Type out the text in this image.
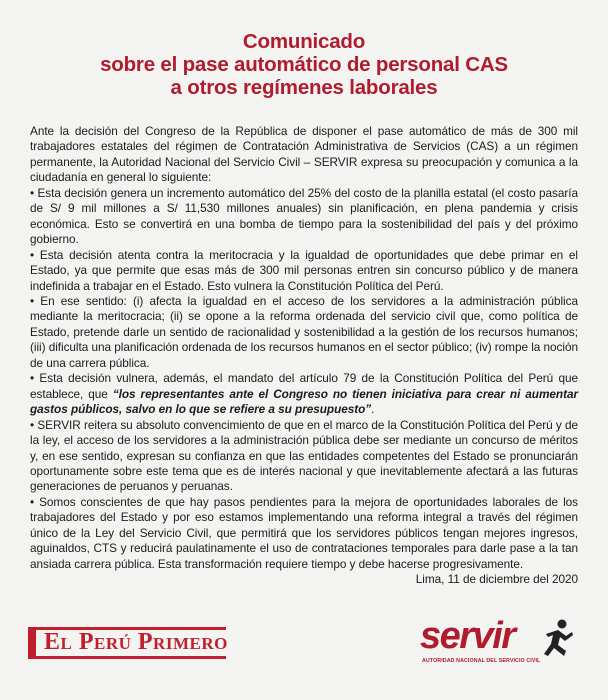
Comunicado
sobre el pase automático de personal CAS
a otros regímenes laborales

Ante la decisión del Congreso de la República de disponer el pase automático de más de 300 mil trabajadores estatales del régimen de Contratación Administrativa de Servicios (CAS) a un régimen permanente, la Autoridad Nacional del Servicio Civil – SERVIR expresa su preocupación y comunica a la ciudadanía en general lo siguiente:

• Esta decisión genera un incremento automático del 25% del costo de la planilla estatal (el costo pasaría de S/ 9 mil millones a S/ 11,530 millones anuales) sin planificación, en plena pandemia y crisis económica. Esto se convertirá en una bomba de tiempo para la sostenibilidad del país y del próximo gobierno.

• Esta decisión atenta contra la meritocracia y la igualdad de oportunidades que debe primar en el Estado, ya que permite que esas más de 300 mil personas entren sin concurso público y de manera indefinida a trabajar en el Estado. Esto vulnera la Constitución Política del Perú.

• En ese sentido: (i) afecta la igualdad en el acceso de los servidores a la administración pública mediante la meritocracia; (ii) se opone a la reforma ordenada del servicio civil que, como política de Estado, pretende darle un sentido de racionalidad y sostenibilidad a la gestión de los recursos humanos; (iii) dificulta una planificación ordenada de los recursos humanos en el sector público; (iv) rompe la noción de una carrera pública.

• Esta decisión vulnera, además, el mandato del artículo 79 de la Constitución Política del Perú que establece, que “los representantes ante el Congreso no tienen iniciativa para crear ni aumentar gastos públicos, salvo en lo que se refiere a su presupuesto”.

• SERVIR reitera su absoluto convencimiento de que en el marco de la Constitución Política del Perú y de la ley, el acceso de los servidores a la administración pública debe ser mediante un concurso de méritos y, en ese sentido, expresan su confianza en que las entidades competentes del Estado se pronunciarán oportunamente sobre este tema que es de interés nacional y que inevitablemente afectará a las futuras generaciones de peruanos y peruanas.

• Somos conscientes de que hay pasos pendientes para la mejora de oportunidades laborales de los trabajadores del Estado y por eso estamos implementando una reforma integral a través del régimen único de la Ley del Servicio Civil, que permitirá que los servidores públicos tengan mejores ingresos, aguinaldos, CTS y reducirá paulatinamente el uso de contrataciones temporales para darle pase a la tan ansiada carrera pública. Esta transformación requiere tiempo y debe hacerse progresivamente.

Lima, 11 de diciembre del 2020

El Perú Primero	servir
AUTORIDAD NACIONAL DEL SERVICIO CIVIL
